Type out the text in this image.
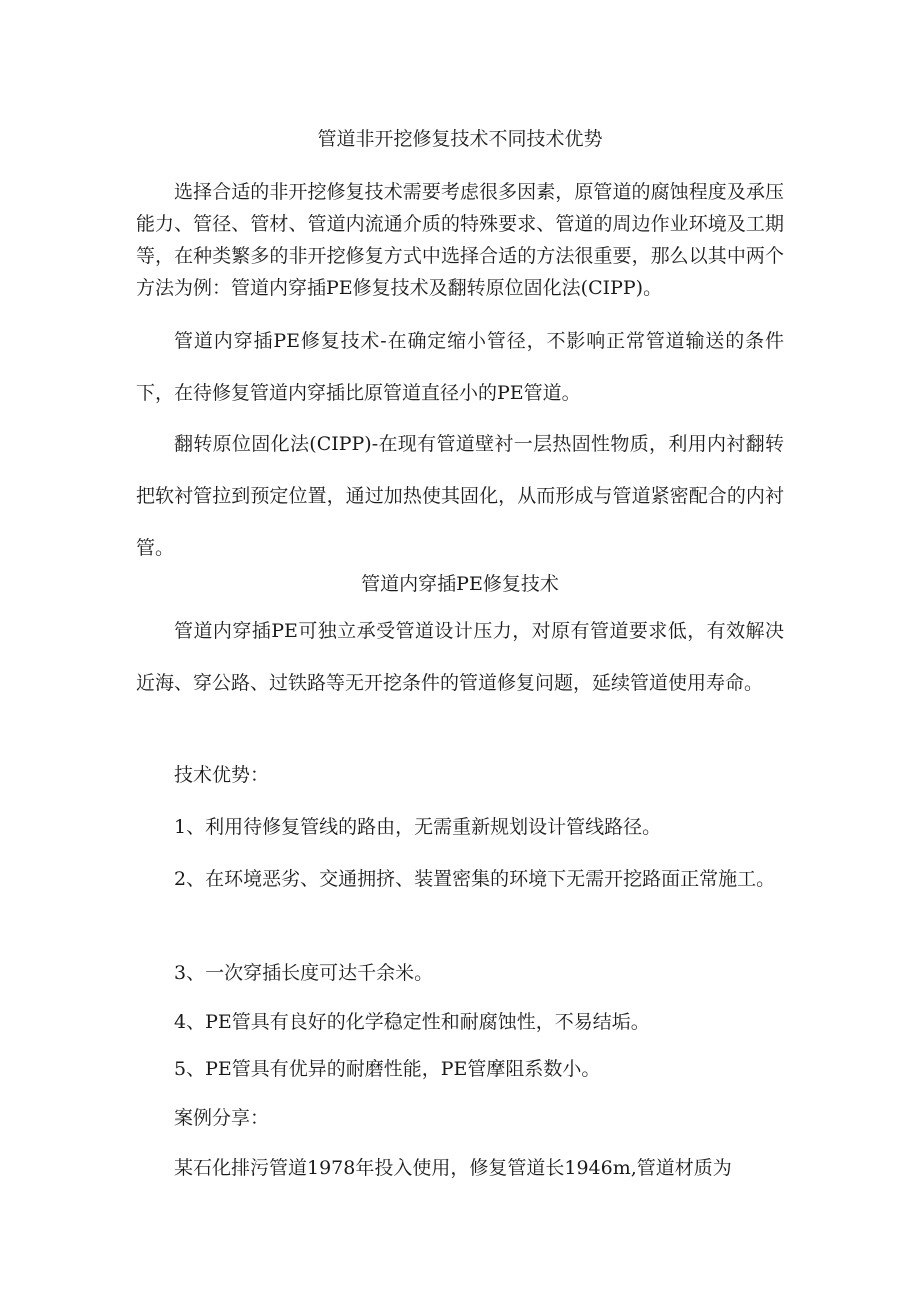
管道非开挖修复技术不同技术优势

选择合适的非开挖修复技术需要考虑很多因素，原管道的腐蚀程度及承压能力、管径、管材、管道内流通介质的特殊要求、管道的周边作业环境及工期等，在种类繁多的非开挖修复方式中选择合适的方法很重要，那么以其中两个方法为例：管道内穿插PE修复技术及翻转原位固化法(CIPP)。

管道内穿插PE修复技术-在确定缩小管径，不影响正常管道输送的条件下，在待修复管道内穿插比原管道直径小的PE管道。

翻转原位固化法(CIPP)-在现有管道壁衬一层热固性物质，利用内衬翻转把软衬管拉到预定位置，通过加热使其固化，从而形成与管道紧密配合的内衬管。

管道内穿插PE修复技术

管道内穿插PE可独立承受管道设计压力，对原有管道要求低，有效解决近海、穿公路、过铁路等无开挖条件的管道修复问题，延续管道使用寿命。

技术优势：

1、利用待修复管线的路由，无需重新规划设计管线路径。

2、在环境恶劣、交通拥挤、装置密集的环境下无需开挖路面正常施工。

3、一次穿插长度可达千余米。

4、PE管具有良好的化学稳定性和耐腐蚀性，不易结垢。

5、PE管具有优异的耐磨性能，PE管摩阻系数小。

案例分享：

某石化排污管道1978年投入使用，修复管道长1946m,管道材质为
